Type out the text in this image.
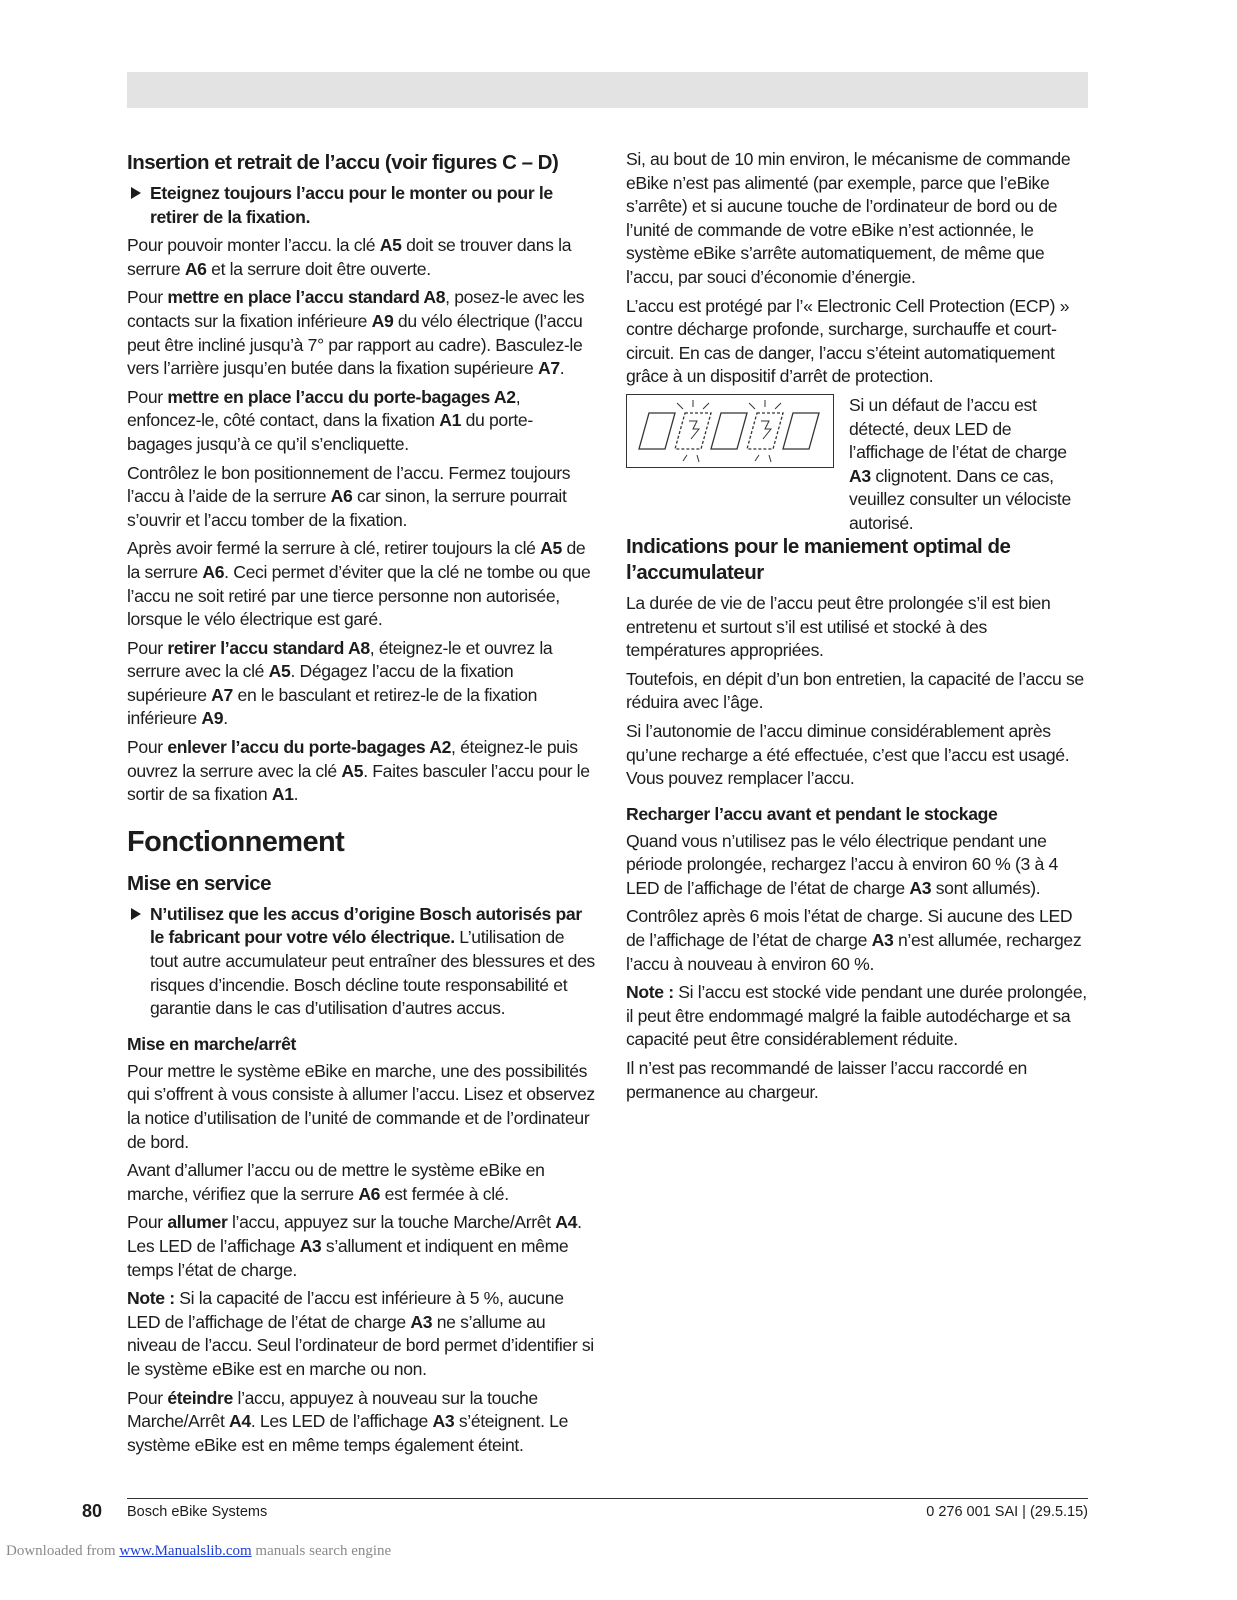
Insertion et retrait de l’accu (voir figures C – D)
Eteignez toujours l’accu pour le monter ou pour le retirer de la fixation.

Pour pouvoir monter l’accu. la clé A5 doit se trouver dans la serrure A6 et la serrure doit être ouverte.

Pour mettre en place l’accu standard A8, posez-le avec les contacts sur la fixation inférieure A9 du vélo électrique (l’accu peut être incliné jusqu’à 7° par rapport au cadre). Basculez-le vers l’arrière jusqu’en butée dans la fixation supérieure A7.

Pour mettre en place l’accu du porte-bagages A2, enfoncez-le, côté contact, dans la fixation A1 du porte-bagages jusqu’à ce qu’il s’encliquette.

Contrôlez le bon positionnement de l’accu. Fermez toujours l’accu à l’aide de la serrure A6 car sinon, la serrure pourrait s’ouvrir et l’accu tomber de la fixation.

Après avoir fermé la serrure à clé, retirer toujours la clé A5 de la serrure A6. Ceci permet d’éviter que la clé ne tombe ou que l’accu ne soit retiré par une tierce personne non autorisée, lorsque le vélo électrique est garé.

Pour retirer l’accu standard A8, éteignez-le et ouvrez la serrure avec la clé A5. Dégagez l’accu de la fixation supérieure A7 en le basculant et retirez-le de la fixation inférieure A9.

Pour enlever l’accu du porte-bagages A2, éteignez-le puis ouvrez la serrure avec la clé A5. Faites basculer l’accu pour le sortir de sa fixation A1.

Fonctionnement
Mise en service
N’utilisez que les accus d’origine Bosch autorisés par le fabricant pour votre vélo électrique. L’utilisation de tout autre accumulateur peut entraîner des blessures et des risques d’incendie. Bosch décline toute responsabilité et garantie dans le cas d’utilisation d’autres accus.
Mise en marche/arrêt

Pour mettre le système eBike en marche, une des possibilités qui s’offrent à vous consiste à allumer l’accu. Lisez et observez la notice d’utilisation de l’unité de commande et de l’ordinateur de bord.

Avant d’allumer l’accu ou de mettre le système eBike en marche, vérifiez que la serrure A6 est fermée à clé.

Pour allumer l’accu, appuyez sur la touche Marche/Arrêt A4. Les LED de l’affichage A3 s’allument et indiquent en même temps l’état de charge.

Note : Si la capacité de l’accu est inférieure à 5 %, aucune LED de l’affichage de l’état de charge A3 ne s’allume au niveau de l’accu. Seul l’ordinateur de bord permet d’identifier si le système eBike est en marche ou non.

Pour éteindre l’accu, appuyez à nouveau sur la touche Marche/Arrêt A4. Les LED de l’affichage A3 s’éteignent. Le système eBike est en même temps également éteint.

Si, au bout de 10 min environ, le mécanisme de commande eBike n’est pas alimenté (par exemple, parce que l’eBike s’arrête) et si aucune touche de l’ordinateur de bord ou de l’unité de commande de votre eBike n’est actionnée, le système eBike s’arrête automatiquement, de même que l’accu, par souci d’économie d’énergie.

L’accu est protégé par l’« Electronic Cell Protection (ECP) » contre décharge profonde, surcharge, surchauffe et court-circuit. En cas de danger, l’accu s’éteint automatiquement grâce à un dispositif d’arrêt de protection.

Si un défaut de l’accu est détecté, deux LED de l’affichage de l’état de charge A3 clignotent. Dans ce cas, veuillez consulter un vélociste autorisé.
Indications pour le maniement optimal de l’accumulateur

La durée de vie de l’accu peut être prolongée s’il est bien entretenu et surtout s’il est utilisé et stocké à des températures appropriées.

Toutefois, en dépit d’un bon entretien, la capacité de l’accu se réduira avec l’âge.

Si l’autonomie de l’accu diminue considérablement après qu’une recharge a été effectuée, c’est que l’accu est usagé. Vous pouvez remplacer l’accu.

Recharger l’accu avant et pendant le stockage

Quand vous n’utilisez pas le vélo électrique pendant une période prolongée, rechargez l’accu à environ 60 % (3 à 4 LED de l’affichage de l’état de charge A3 sont allumés).

Contrôlez après 6 mois l’état de charge. Si aucune des LED de l’affichage de l’état de charge A3 n’est allumée, rechargez l’accu à nouveau à environ 60 %.

Note : Si l’accu est stocké vide pendant une durée prolongée, il peut être endommagé malgré la faible autodécharge et sa capacité peut être considérablement réduite.

Il n’est pas recommandé de laisser l’accu raccordé en permanence au chargeur.

80 Bosch eBike Systems	0 276 001 SAI | (29.5.15)
Downloaded from www.Manualslib.com manuals search engine
